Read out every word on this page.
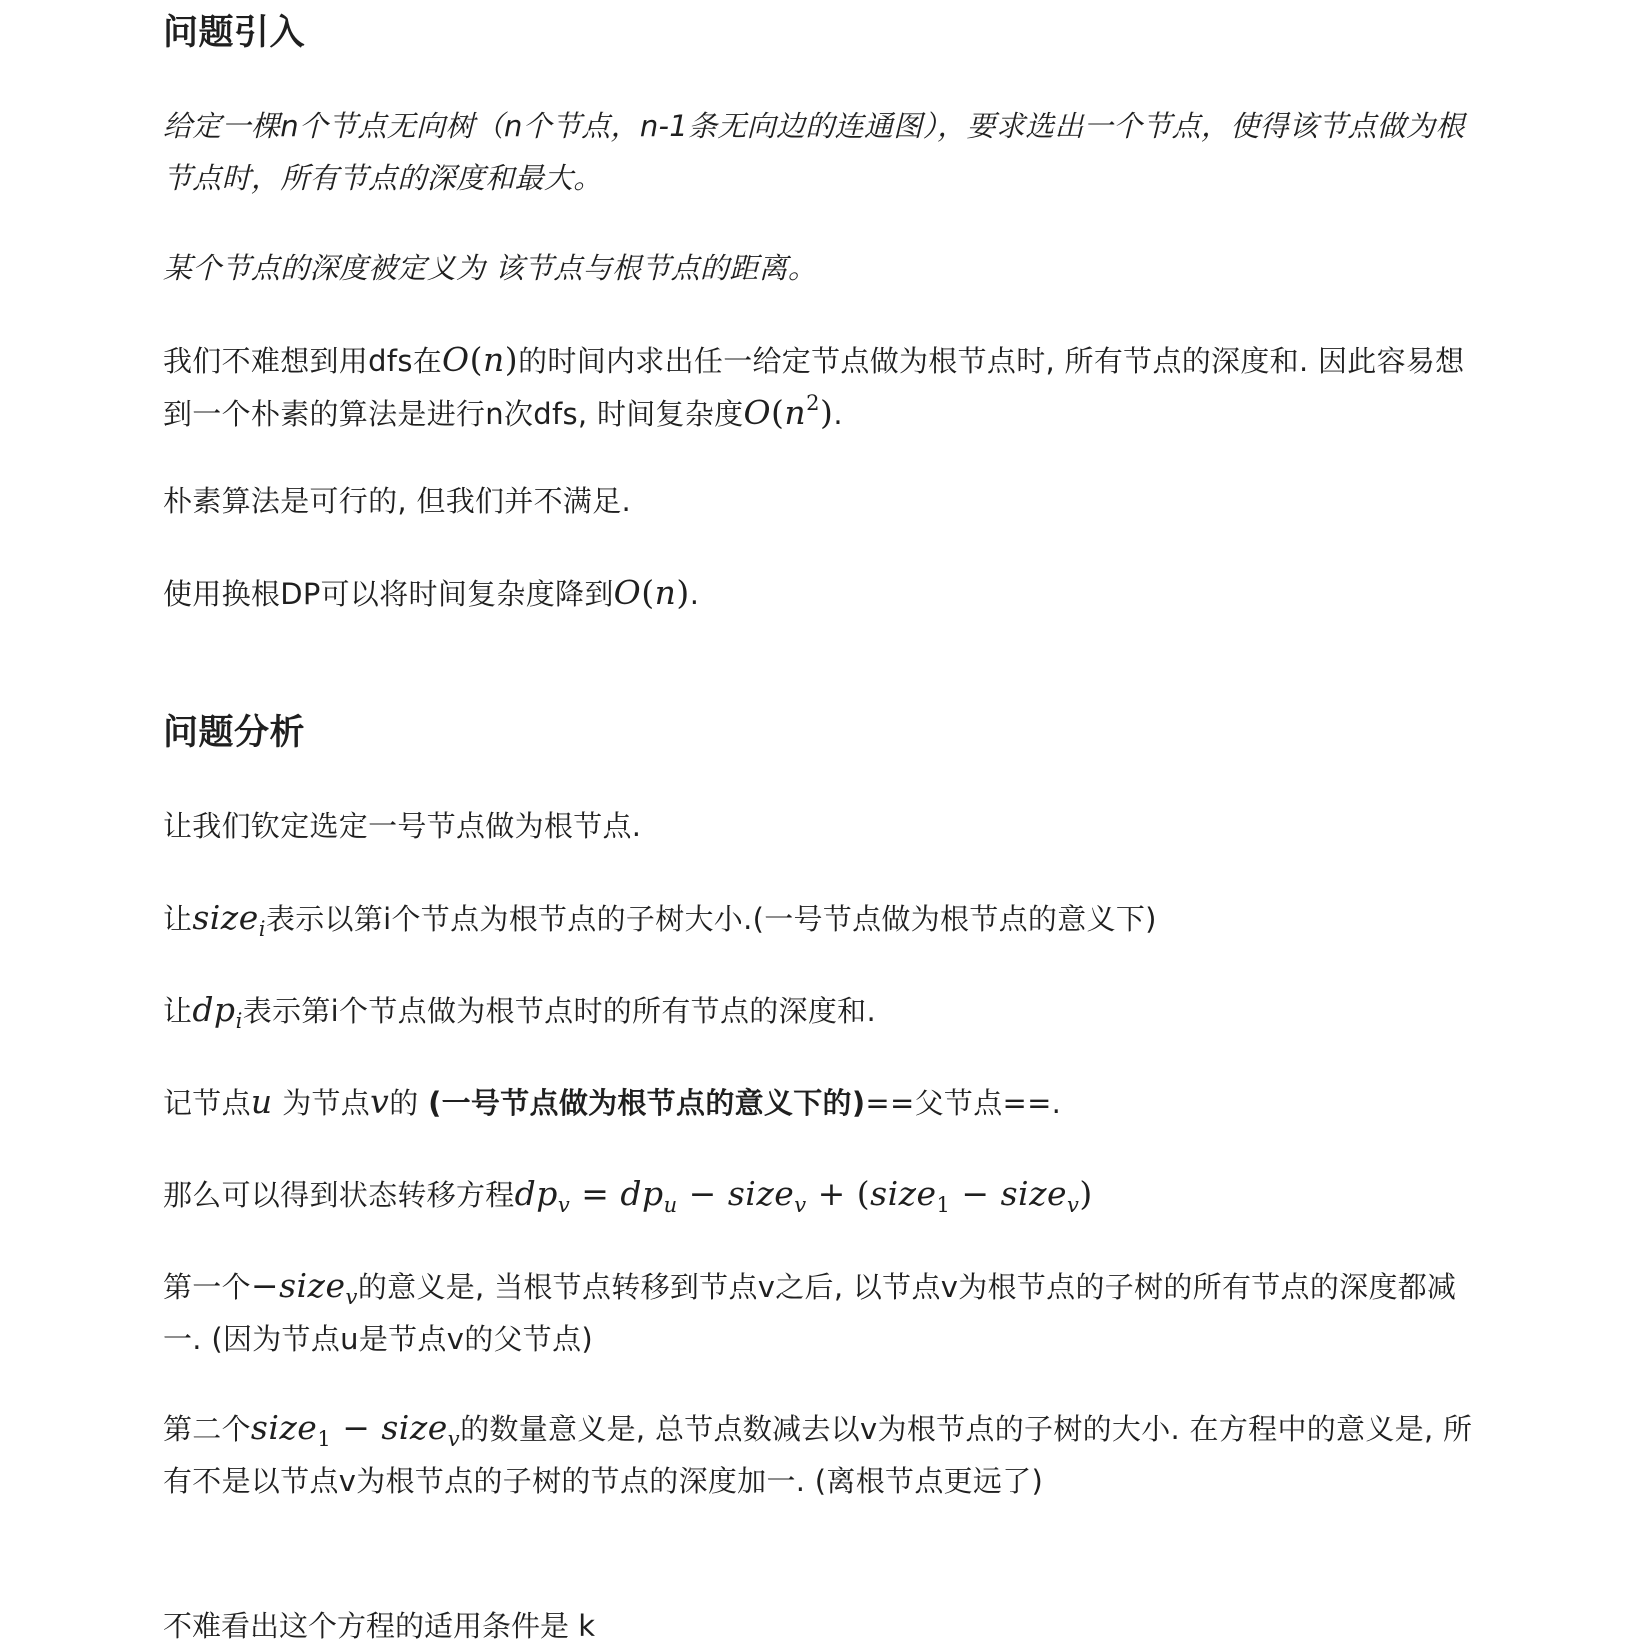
问题引入

给定一棵n个节点无向树（n个节点，n-1条无向边的连通图），要求选出一个节点，使得该节点做为根节点时，所有节点的深度和最大。

某个节点的深度被定义为 该节点与根节点的距离。

我们不难想到用dfs在O(n)的时间内求出任一给定节点做为根节点时, 所有节点的深度和. 因此容易想到一个朴素的算法是进行n次dfs, 时间复杂度$O(n^2)$.

朴素算法是可行的, 但我们并不满足.

使用换根DP可以将时间复杂度降到O(n).

问题分析

让我们钦定选定一号节点做为根节点.

让size$_i$表示以第i个节点为根节点的子树大小.(一号节点做为根节点的意义下)

让$dp_i$表示第i个节点做为根节点时的所有节点的深度和.

记节点u 为节点v的 (一号节点做为根节点的意义下的)==父节点==.

那么可以得到状态转移方程$dp_v = dp_u$ − size$_v$ + (size$_1$ − size$_v$)

第一个−size$_v$的意义是, 当根节点转移到节点v之后, 以节点v为根节点的子树的所有节点的深度都减一. (因为节点u是节点v的父节点)

第二个size$_1$ − size$_v$的数量意义是, 总节点数减去以v为根节点的子树的大小. 在方程中的意义是, 所有不是以节点v为根节点的子树的节点的深度加一. (离根节点更远了)

不难看出这个方程的适用条件是 k
